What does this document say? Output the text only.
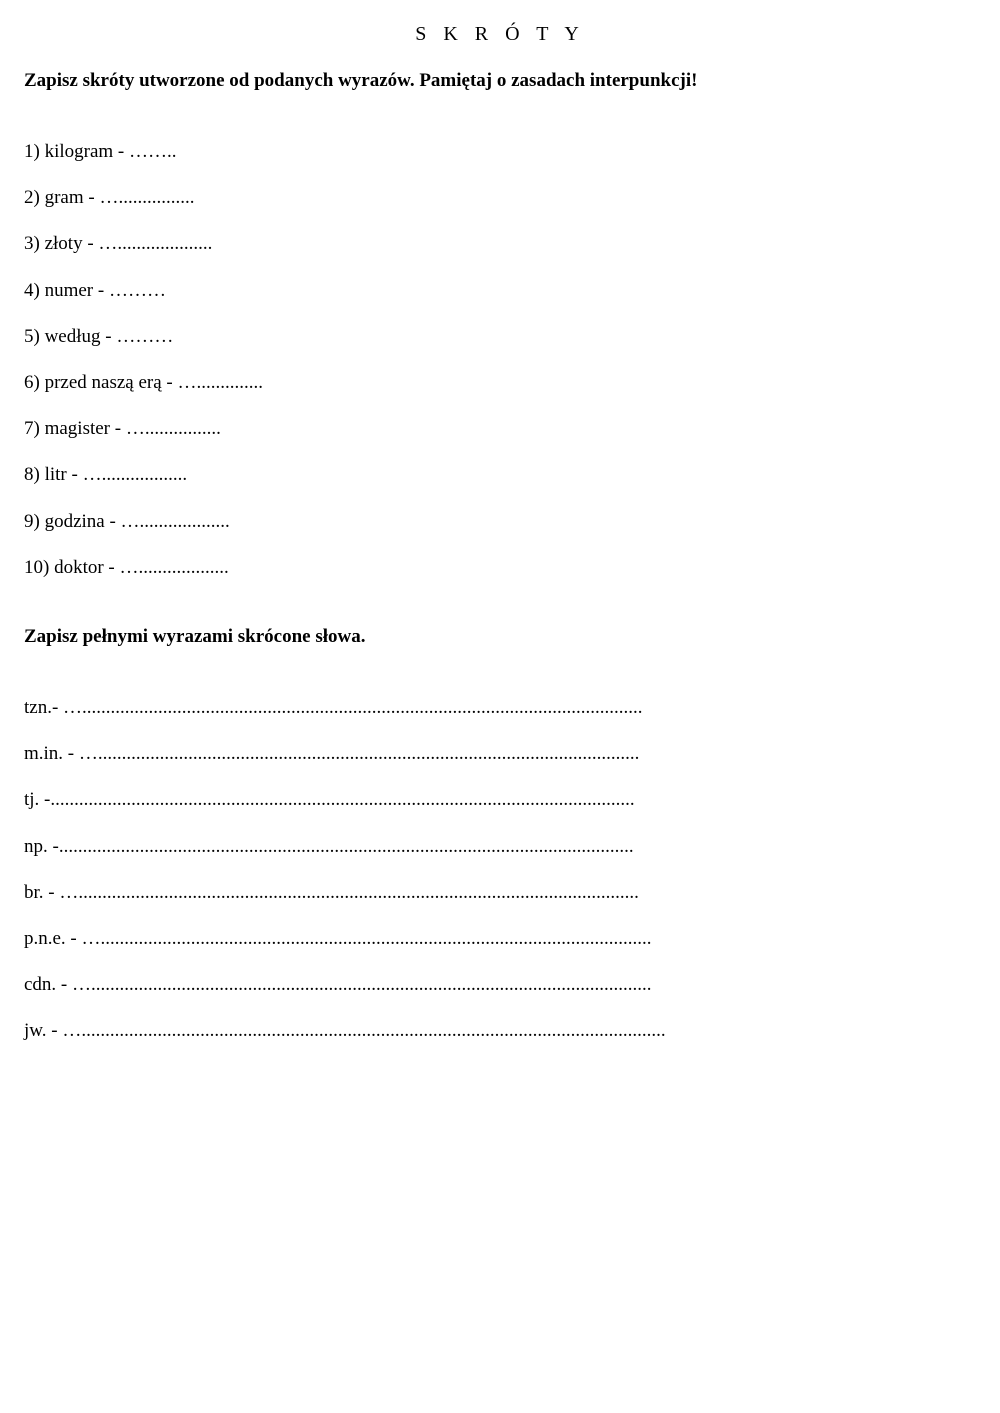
S K R Ó T Y

Zapisz skróty utworzone od podanych wyrazów. Pamiętaj o zasadach interpunkcji!

1) kilogram - ……..
2) gram - …................
3) złoty - …....................
4) numer - ………
5) według - ………
6) przed naszą erą - …..............
7) magister - …................
8) litr - …..................
9) godzina - …...................
10) doktor - …...................

Zapisz pełnymi wyrazami skrócone słowa.

tzn.- …......................................................................................................................
m.in. - …..................................................................................................................
tj. -...........................................................................................................................
np. -.........................................................................................................................
br. - …......................................................................................................................
p.n.e. - …....................................................................................................................
cdn. - …......................................................................................................................
jw. - …...........................................................................................................................
